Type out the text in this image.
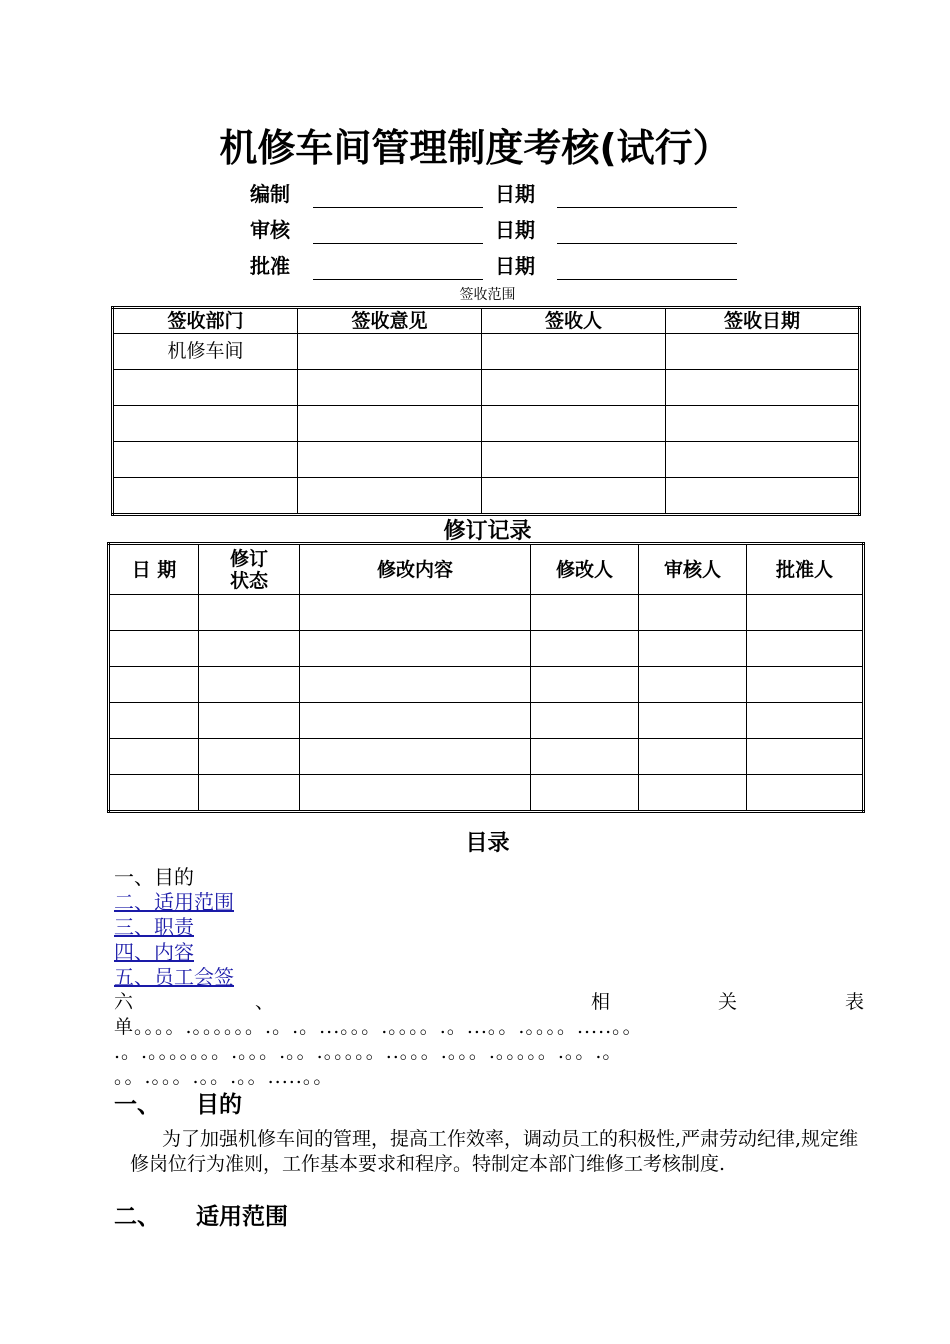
机修车间管理制度考核(试行）
编制	日期
审核	日期
批准	日期
签收范围
签收部门	签收意见	签收人	签收日期
机修车间			

修订记录
日 期	修订状态	修改内容	修改人	审核人	批准人

目录
一、目的
二、适用范围
三、职责
四、内容
五、员工会签
六	、	相	关	表
单。。。。.。。。。。。.。.。...。。。.。。。。.。...。。.。。。。.....。。
.。.。。。。。。。.。。。.。。.。。。。。..。。。.。。。.。。。。。.。。.。
。。.。。。.。。.。。.....。。
一、 目的
为了加强机修车间的管理，提高工作效率，调动员工的积极性,严肃劳动纪律,规定维修岗位行为准则，工作基本要求和程序。特制定本部门维修工考核制度.
二、 适用范围
